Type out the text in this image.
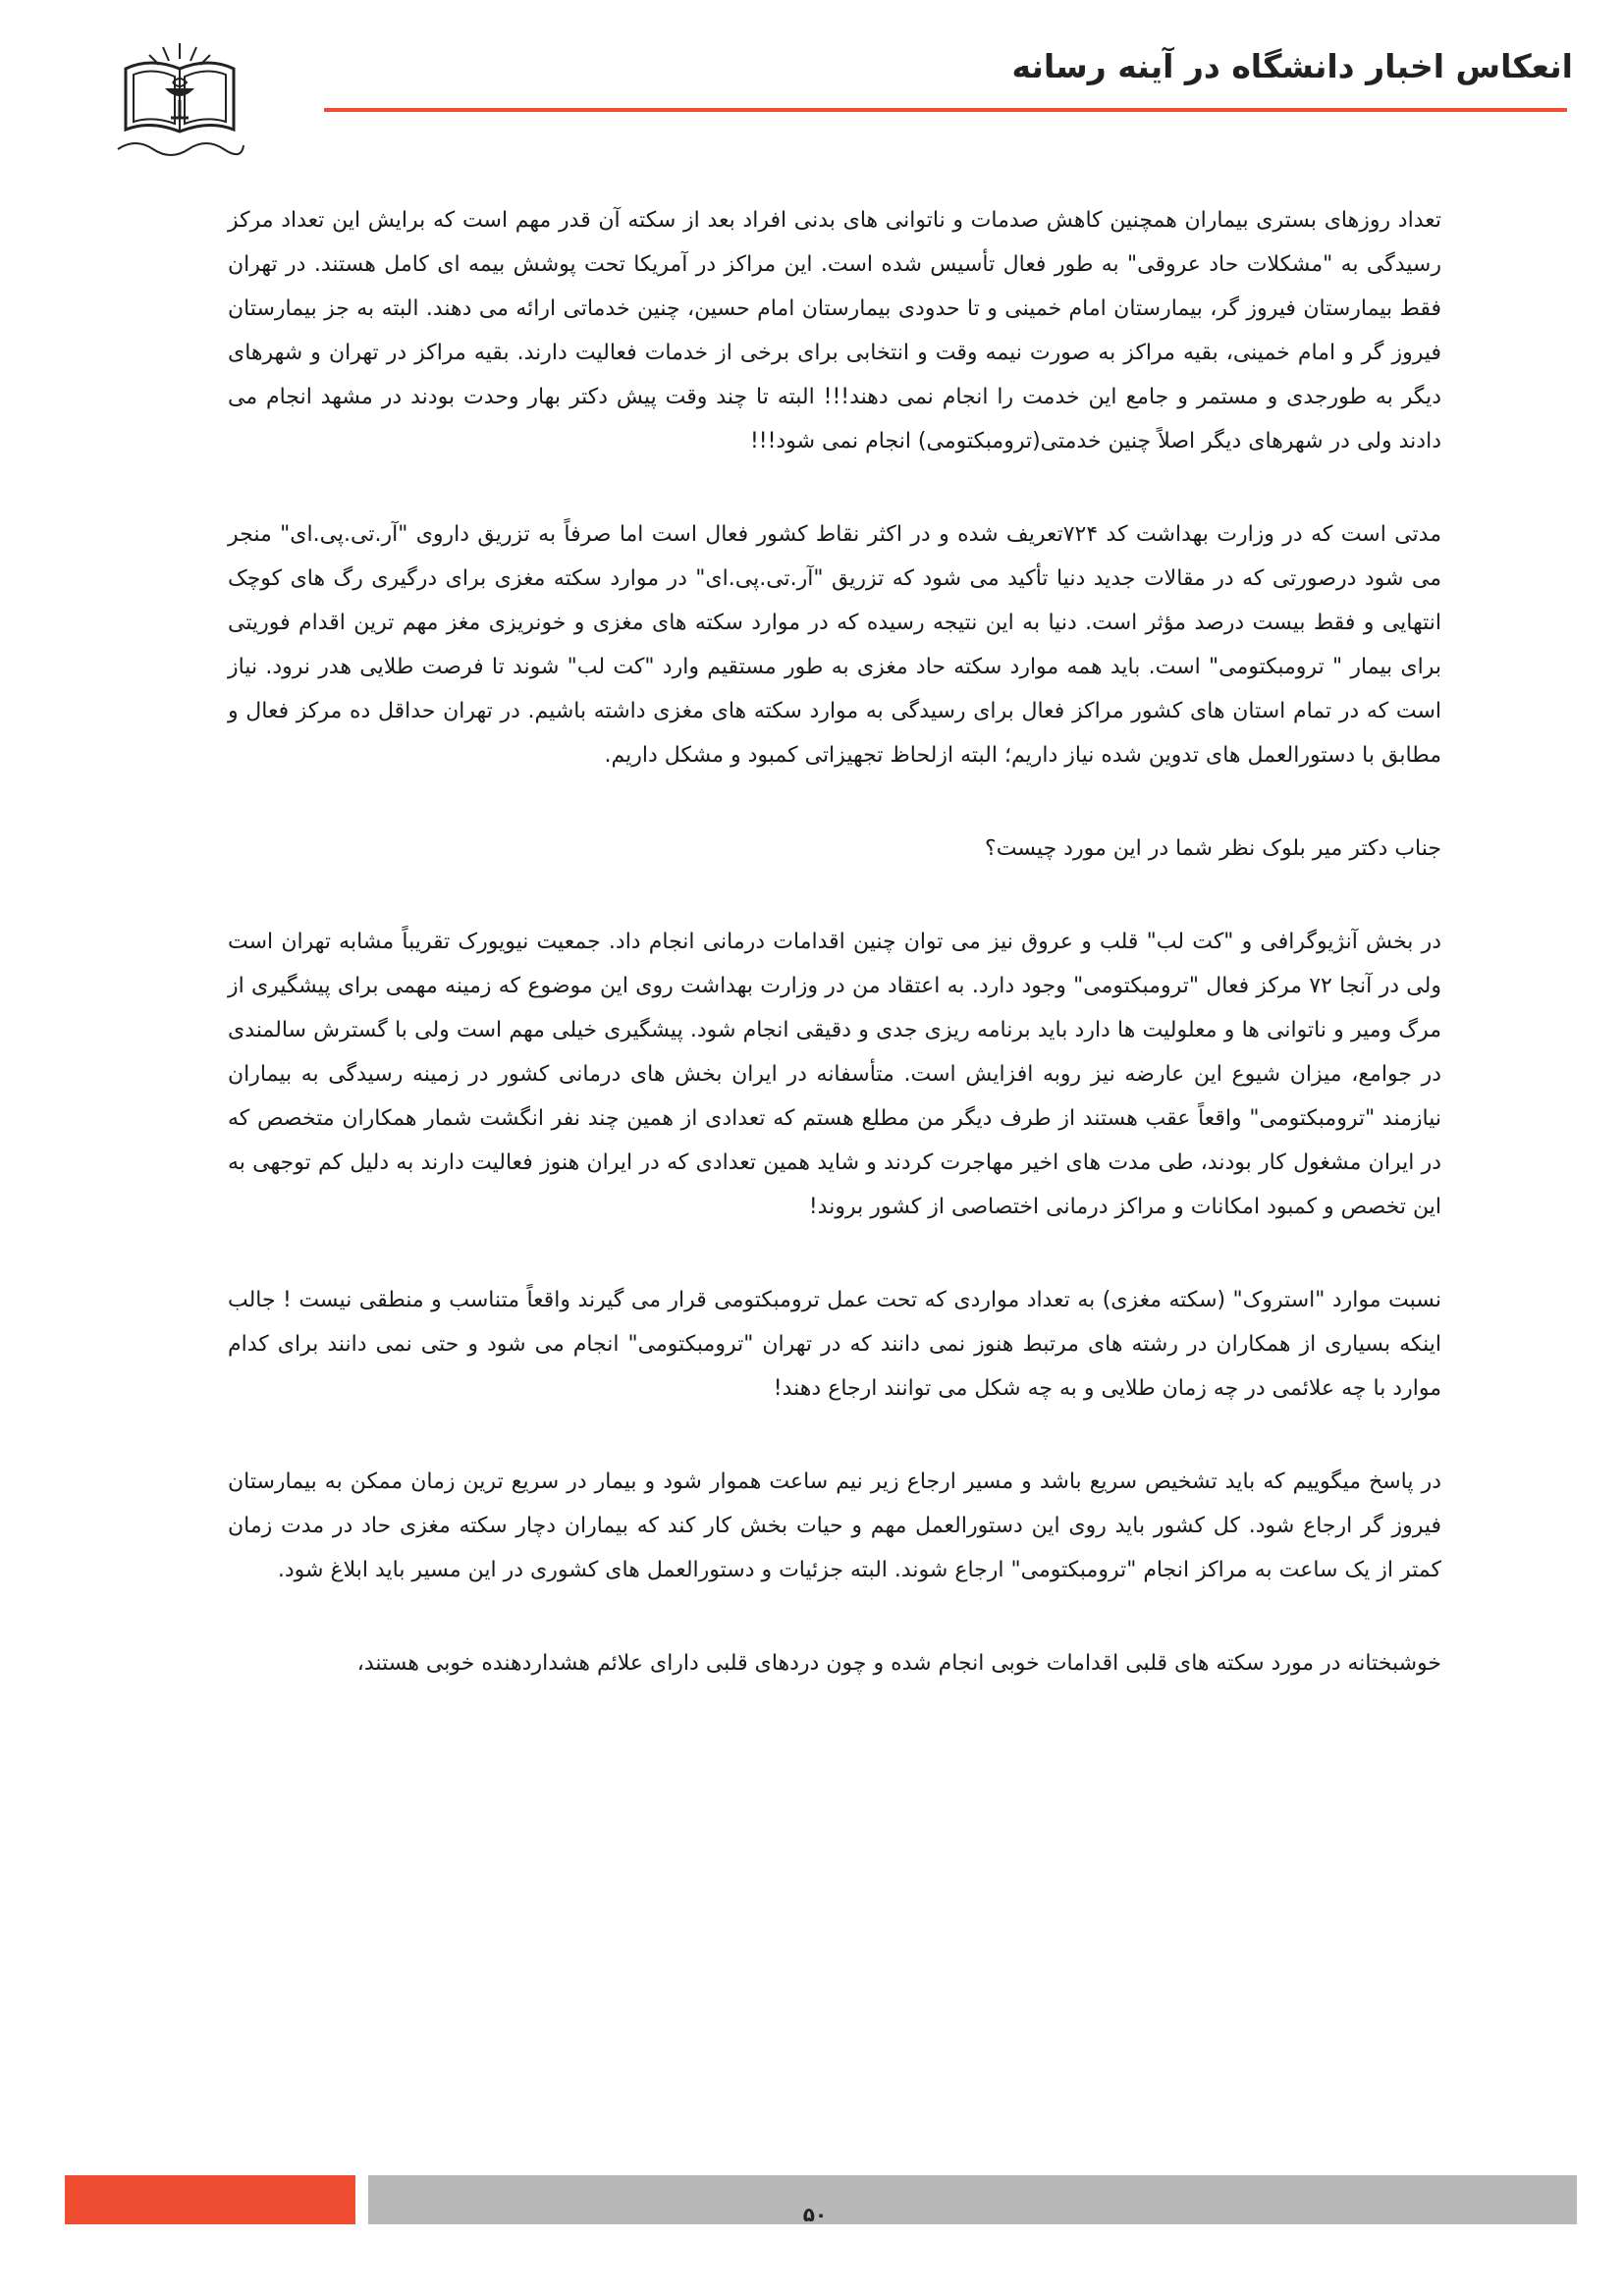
انعکاس اخبار دانشگاه در آینه رسانه

تعداد روزهای بستری بیماران همچنین کاهش صدمات و ناتوانی های بدنی افراد بعد از سکته آن قدر مهم است که برایش این تعداد مرکز رسیدگی به "مشکلات حاد عروقی" به طور فعال تأسیس شده است. این مراکز در آمریکا تحت پوشش بیمه ای کامل هستند. در تهران فقط بیمارستان فیروز گر، بیمارستان امام خمینی و تا حدودی بیمارستان امام حسین، چنین خدماتی ارائه می دهند. البته به جز بیمارستان فیروز گر و امام خمینی، بقیه مراکز به صورت نیمه وقت و انتخابی برای برخی از خدمات فعالیت دارند. بقیه مراکز در تهران و شهرهای دیگر به طورجدی و مستمر و جامع این خدمت را انجام نمی دهند!!! البته تا چند وقت پیش دکتر بهار وحدت بودند در مشهد انجام می دادند ولی در شهرهای دیگر اصلاً چنین خدمتی(ترومبکتومی) انجام نمی شود!!!

مدتی است که در وزارت بهداشت کد ۷۲۴تعریف شده و در اکثر نقاط کشور فعال است اما صرفاً به تزریق داروی "آر.تی.پی.ای" منجر می شود درصورتی که در مقالات جدید دنیا تأکید می شود که تزریق "آر.تی.پی.ای" در موارد سکته مغزی برای درگیری رگ های کوچک انتهایی و فقط بیست درصد مؤثر است. دنیا به این نتیجه رسیده که در موارد سکته های مغزی و خونریزی مغز مهم ترین اقدام فوریتی برای بیمار " ترومبکتومی" است. باید همه موارد سکته حاد مغزی به طور مستقیم وارد "کت لب" شوند تا فرصت طلایی هدر نرود. نیاز است که در تمام استان های کشور مراکز فعال برای رسیدگی به موارد سکته های مغزی داشته باشیم. در تهران حداقل ده مرکز فعال و مطابق با دستورالعمل های تدوین شده نیاز داریم؛ البته ازلحاظ تجهیزاتی کمبود و مشکل داریم.

جناب دکتر میر بلوک نظر شما در این مورد چیست؟

در بخش آنژیوگرافی و "کت لب" قلب و عروق نیز می توان چنین اقدامات درمانی انجام داد. جمعیت نیویورک تقریباً مشابه تهران است ولی در آنجا ۷۲ مرکز فعال "ترومبکتومی" وجود دارد. به اعتقاد من در وزارت بهداشت روی این موضوع که زمینه مهمی برای پیشگیری از مرگ ومیر و ناتوانی ها و معلولیت ها دارد باید برنامه ریزی جدی و دقیقی انجام شود. پیشگیری خیلی مهم است ولی با گسترش سالمندی در جوامع، میزان شیوع این عارضه نیز روبه افزایش است. متأسفانه در ایران بخش های درمانی کشور در زمینه رسیدگی به بیماران نیازمند "ترومبکتومی" واقعاً عقب هستند از طرف دیگر من مطلع هستم که تعدادی از همین چند نفر انگشت شمار همکاران متخصص که در ایران مشغول کار بودند، طی مدت های اخیر مهاجرت کردند و شاید همین تعدادی که در ایران هنوز فعالیت دارند به دلیل کم توجهی به این تخصص و کمبود امکانات و مراکز درمانی اختصاصی از کشور بروند!

نسبت موارد "استروک" (سکته مغزی) به تعداد مواردی که تحت عمل ترومبکتومی قرار می گیرند واقعاً متناسب و منطقی نیست ! جالب اینکه بسیاری از همکاران در رشته های مرتبط هنوز نمی دانند که در تهران "ترومبکتومی" انجام می شود و حتی نمی دانند برای کدام موارد با چه علائمی در چه زمان طلایی و به چه شکل می توانند ارجاع دهند!

در پاسخ میگوییم که باید تشخیص سریع باشد و مسیر ارجاع زیر نیم ساعت هموار شود و بیمار در سریع ترین زمان ممکن به بیمارستان فیروز گر ارجاع شود. کل کشور باید روی این دستورالعمل مهم و حیات بخش کار کند که بیماران دچار سکته مغزی حاد در مدت زمان کمتر از یک ساعت به مراکز انجام "ترومبکتومی" ارجاع شوند. البته جزئیات و دستورالعمل های کشوری در این مسیر باید ابلاغ شود.

خوشبختانه در مورد سکته های قلبی اقدامات خوبی انجام شده و چون دردهای قلبی دارای علائم هشداردهنده خوبی هستند،

۵۰
